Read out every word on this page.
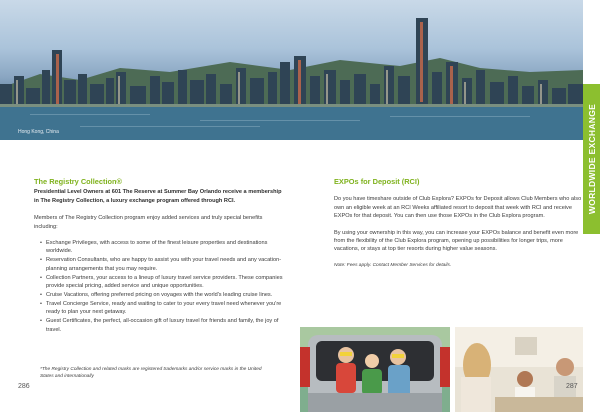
Hong Kong, China	WORLDWIDE EXCHANGE
The Registry Collection®
Presidential Level Owners at 601 The Reserve at Summer Bay Orlando receive a membership in The Registry Collection, a luxury exchange program offered through RCI.

Members of The Registry Collection program enjoy added services and truly special benefits including:

• Exchange Privileges, with access to some of the finest leisure properties and destinations worldwide.
• Reservation Consultants, who are happy to assist you with your travel needs and any vacation-planning arrangements that you may require.
• Collection Partners, your access to a lineup of luxury travel service providers. These companies provide special pricing, added service and unique opportunities.
• Cruise Vacations, offering preferred pricing on voyages with the world's leading cruise lines.
• Travel Concierge Service, ready and waiting to cater to your every travel need whenever you're ready to plan your next getaway.
• Guest Certificates, the perfect, all-occasion gift of luxury travel for friends and family, the joy of travel.
*The Registry Collection and related marks are registered trademarks and/or service marks in the United States and internationally
286
EXPOs for Deposit (RCI)

Do you have timeshare outside of Club Explora? EXPOs for Deposit allows Club Members who also own an eligible week at an RCI Weeks affiliated resort to deposit that week with RCI and receive EXPOs for that deposit. You can then use those EXPOs in the Club Explora program.

By using your ownership in this way, you can increase your EXPOs balance and benefit even more from the flexibility of the Club Explora program, opening up possibilities for longer trips, more vacations, or stays at top tier resorts during higher value seasons.

Note: Fees apply. Contact Member Services for details.
287
